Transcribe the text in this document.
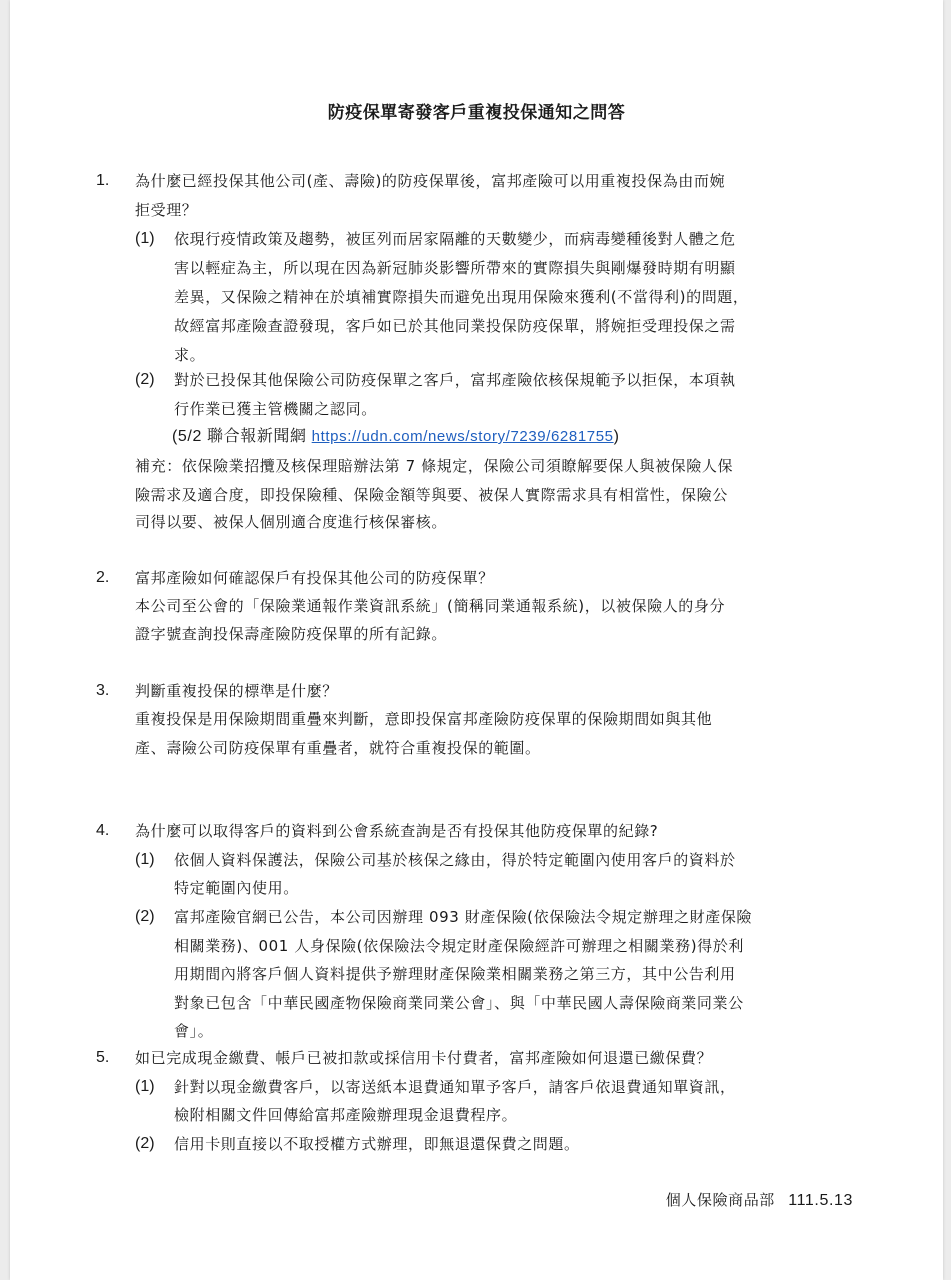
防疫保單寄發客戶重複投保通知之問答
1. 為什麼已經投保其他公司(產、壽險)的防疫保單後，富邦產險可以用重複投保為由而婉
拒受理？
(1) 依現行疫情政策及趨勢，被匡列而居家隔離的天數變少，而病毒變種後對人體之危
害以輕症為主，所以現在因為新冠肺炎影響所帶來的實際損失與剛爆發時期有明顯
差異，又保險之精神在於填補實際損失而避免出現用保險來獲利(不當得利)的問題，
故經富邦產險查證發現，客戶如已於其他同業投保防疫保單，將婉拒受理投保之需
求。
(2) 對於已投保其他保險公司防疫保單之客戶，富邦產險依核保規範予以拒保，本項執
行作業已獲主管機關之認同。
(5/2 聯合報新聞網 https://udn.com/news/story/7239/6281755)
補充：依保險業招攬及核保理賠辦法第 7 條規定，保險公司須瞭解要保人與被保險人保
險需求及適合度，即投保險種、保險金額等與要、被保人實際需求具有相當性，保險公
司得以要、被保人個別適合度進行核保審核。
2. 富邦產險如何確認保戶有投保其他公司的防疫保單？
本公司至公會的「保險業通報作業資訊系統」(簡稱同業通報系統)，以被保險人的身分
證字號查詢投保壽產險防疫保單的所有記錄。
3. 判斷重複投保的標準是什麼？
重複投保是用保險期間重疊來判斷，意即投保富邦產險防疫保單的保險期間如與其他
產、壽險公司防疫保單有重疊者，就符合重複投保的範圍。
4. 為什麼可以取得客戶的資料到公會系統查詢是否有投保其他防疫保單的紀錄?
(1) 依個人資料保護法，保險公司基於核保之緣由，得於特定範圍內使用客戶的資料於
特定範圍內使用。
(2) 富邦產險官網已公告，本公司因辦理 093 財產保險(依保險法令規定辦理之財產保險
相關業務)、001 人身保險(依保險法令規定財產保險經許可辦理之相關業務)得於利
用期間內將客戶個人資料提供予辦理財產保險業相關業務之第三方，其中公告利用
對象已包含「中華民國產物保險商業同業公會」、與「中華民國人壽保險商業同業公
會」。
5. 如已完成現金繳費、帳戶已被扣款或採信用卡付費者，富邦產險如何退還已繳保費？
(1) 針對以現金繳費客戶，以寄送紙本退費通知單予客戶，請客戶依退費通知單資訊，
檢附相關文件回傳給富邦產險辦理現金退費程序。
(2) 信用卡則直接以不取授權方式辦理，即無退還保費之問題。
個人保險商品部 111.5.13
